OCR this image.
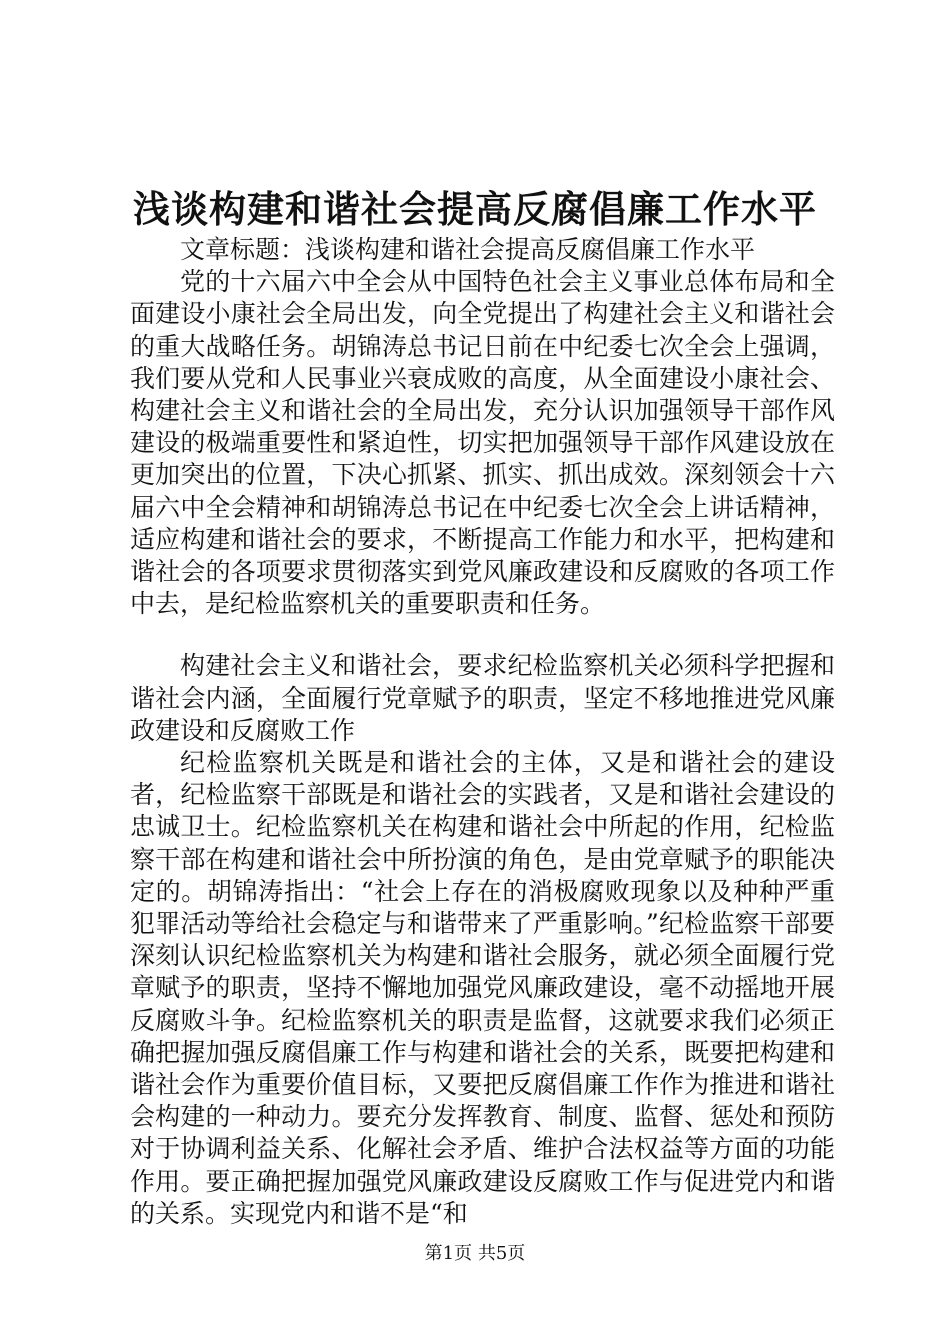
浅谈构建和谐社会提高反腐倡廉工作水平

文章标题：浅谈构建和谐社会提高反腐倡廉工作水平

党的十六届六中全会从中国特色社会主义事业总体布局和全面建设小康社会全局出发，向全党提出了构建社会主义和谐社会的重大战略任务。胡锦涛总书记日前在中纪委七次全会上强调，我们要从党和人民事业兴衰成败的高度，从全面建设小康社会、构建社会主义和谐社会的全局出发，充分认识加强领导干部作风建设的极端重要性和紧迫性，切实把加强领导干部作风建设放在更加突出的位置，下决心抓紧、抓实、抓出成效。深刻领会十六届六中全会精神和胡锦涛总书记在中纪委七次全会上讲话精神，适应构建和谐社会的要求，不断提高工作能力和水平，把构建和谐社会的各项要求贯彻落实到党风廉政建设和反腐败的各项工作中去，是纪检监察机关的重要职责和任务。

构建社会主义和谐社会，要求纪检监察机关必须科学把握和谐社会内涵，全面履行党章赋予的职责，坚定不移地推进党风廉政建设和反腐败工作

纪检监察机关既是和谐社会的主体，又是和谐社会的建设者，纪检监察干部既是和谐社会的实践者，又是和谐社会建设的忠诚卫士。纪检监察机关在构建和谐社会中所起的作用，纪检监察干部在构建和谐社会中所扮演的角色，是由党章赋予的职能决定的。胡锦涛指出：“社会上存在的消极腐败现象以及种种严重犯罪活动等给社会稳定与和谐带来了严重影响。”纪检监察干部要深刻认识纪检监察机关为构建和谐社会服务，就必须全面履行党章赋予的职责，坚持不懈地加强党风廉政建设，毫不动摇地开展反腐败斗争。纪检监察机关的职责是监督，这就要求我们必须正确把握加强反腐倡廉工作与构建和谐社会的关系，既要把构建和谐社会作为重要价值目标，又要把反腐倡廉工作作为推进和谐社会构建的一种动力。要充分发挥教育、制度、监督、惩处和预防对于协调利益关系、化解社会矛盾、维护合法权益等方面的功能作用。要正确把握加强党风廉政建设反腐败工作与促进党内和谐的关系。实现党内和谐不是“和

第1页 共5页
